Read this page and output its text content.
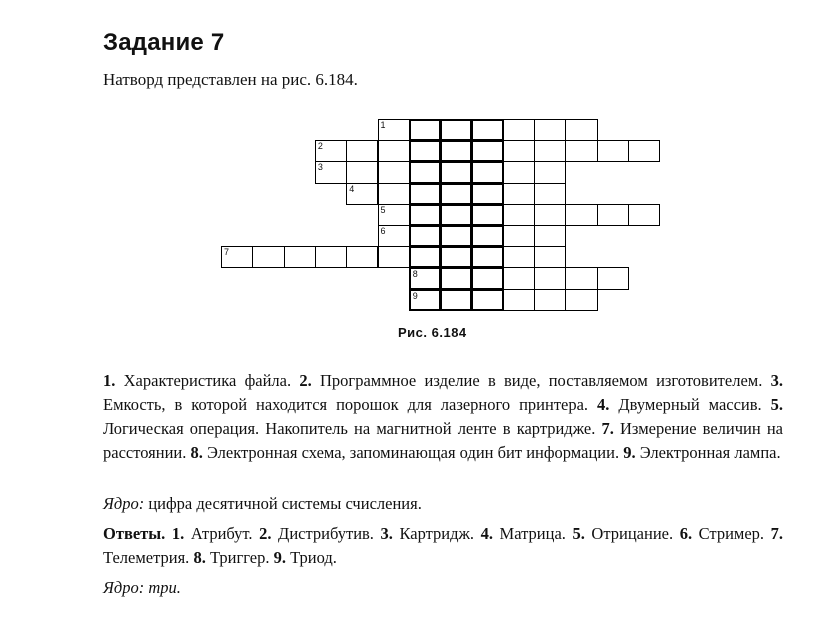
Задание 7
Натворд представлен на рис. 6.184.
1
2
3
4
5
6
7
8
9
Рис. 6.184
1. Характеристика файла. 2. Программное изделие в виде, поставляемом изготовителем. 3. Емкость, в которой находится порошок для лазерного принтера. 4. Двумерный массив. 5. Логическая операция. Накопитель на магнитной ленте в картридже. 7. Измерение величин на расстоянии. 8. Электронная схема, запоминающая один бит информации. 9. Электронная лампа.
Ядро: цифра десятичной системы счисления.
Ответы. 1. Атрибут. 2. Дистрибутив. 3. Картридж. 4. Матрица. 5. Отрицание. 6. Стример. 7. Телеметрия. 8. Триггер. 9. Триод.
Ядро: три.
